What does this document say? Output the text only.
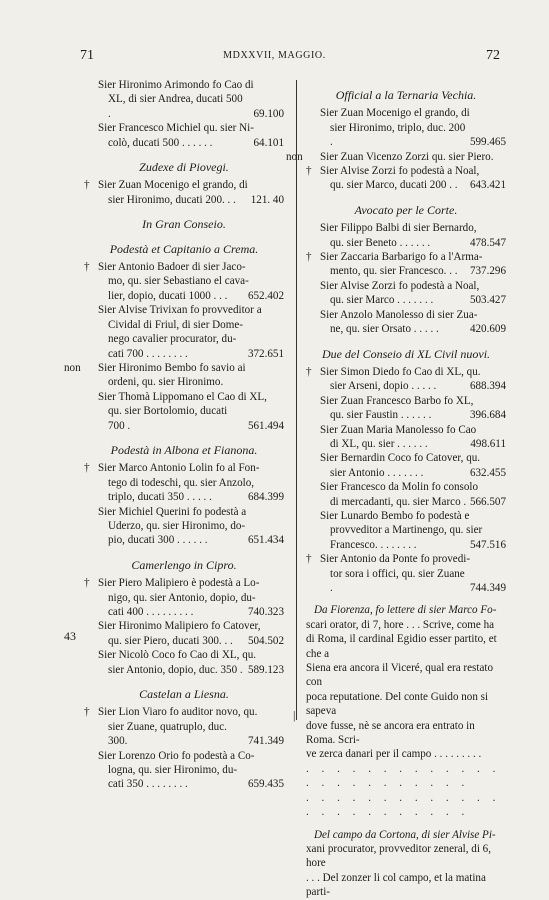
71	MDXXVII, MAGGIO.	72
43
|
Sier Hironimo Arimondo fo Cao di
XL, di sier Andrea, ducati 500 .	69.100
Sier Francesco Michiel qu. sier Ni-
colò, ducati 500 . . . . . .	64.101
Zudexe di Piovegi.
† Sier Zuan Mocenigo el grando, di
sier Hironimo, ducati 200. . . 121. 40
In Gran Conseio.
Podestà et Capitanio a Crema.
† Sier Antonio Badoer di sier Jaco-
mo, qu. sier Sebastiano el cava-
lier, dopio, ducati 1000 . . . 652.402
Sier Alvise Trivixan fo provveditor a
Cividal di Friul, di sier Dome-
nego cavalier procurator, du-
cati 700 . . . . . . . .	372.651
non Sier Hironimo Bembo fo savio ai
ordeni, qu. sier Hironimo.
Sier Thomà Lippomano el Cao di XL,
qu. sier Bortolomio, ducati 700 .	561.494
Podestà in Albona et Fianona.
† Sier Marco Antonio Lolin fo al Fon-
tego di todeschi, qu. sier Anzolo,
triplo, ducati 350 . . . . .	684.399
Sier Michiel Querini fo podestà a
Uderzo, qu. sier Hironimo, do-
pio, ducati 300 . . . . . .	651.434
Camerlengo in Cipro.
† Sier Piero Malipiero è podestà a Lo-
nigo, qu. sier Antonio, dopio, du-
cati 400 . . . . . . . . .	740.323
Sier Hironimo Malipiero fo Catover,
qu. sier Piero, ducati 300. . . 504.502
Sier Nicolò Coco fo Cao di XL, qu.
sier Antonio, dopio, duc. 350 . 589.123
Castelan a Liesna.
† Sier Lion Viaro fo auditor novo, qu.
sier Zuane, quatruplo, duc. 300.	741.349
Sier Lorenzo Orio fo podestà a Co-
logna, qu. sier Hironimo, du-
cati 350 . . . . . . . .	659.435
Official a la Ternaria Vechia.
Sier Zuan Mocenigo el grando, di
sier Hironimo, triplo, duc. 200 .	599.465
non Sier Zuan Vicenzo Zorzi qu. sier Piero.
† Sier Alvise Zorzi fo podestà a Noal,
qu. sier Marco, ducati 200 . . 643.421
Avocato per le Corte.
Sier Filippo Balbi di sier Bernardo,
qu. sier Beneto . . . . . .	478.547
† Sier Zaccaria Barbarigo fo a l'Arma-
mento, qu. sier Francesco. . . 737.296
Sier Alvise Zorzi fo podestà a Noal,
qu. sier Marco . . . . . . .	503.427
Sier Anzolo Manolesso di sier Zua-
ne, qu. sier Orsato . . . . .	420.609
Due del Conseio di XL Civil nuovi.
† Sier Simon Diedo fo Cao di XL, qu.
sier Arseni, dopio . . . . .	688.394
Sier Zuan Francesco Barbo fo XL,
qu. sier Faustin . . . . . .	396.684
Sier Zuan Maria Manolesso fo Cao
di XL, qu. sier . . . . . .	498.611
Sier Bernardin Coco fo Catover, qu.
sier Antonio . . . . . . .	632.455
Sier Francesco da Molin fo consolo
di mercadanti, qu. sier Marco . 566.507
Sier Lunardo Bembo fo podestà e
provveditor a Martinengo, qu. sier
Francesco. . . . . . . .	547.516
† Sier Antonio da Ponte fo provedi-
tor sora i offici, qu. sier Zuane .	744.349

Da Fiorenza, fo lettere di sier Marco Fo-

scari orator, di 7, hore . . . Scrive, come ha
di Roma, il cardinal Egidio esser partito, et che a
Siena era ancora il Viceré, qual era restato con
poca reputatione. Del conte Guido non si sapeva
dove fusse, nè se ancora era entrato in Roma. Scri-
ve zerca danari per il campo . . . . . . . . .
. . . . . . . . . . . . . . . . . . . . . . . .
. . . . . . . . . . . . . . . . . . . . . . . .

Del campo da Cortona, di sier Alvise Pi-

xani procurator, provveditor zeneral, di 6, hore
. . . Del zonzer li col campo, et la matina parti-
